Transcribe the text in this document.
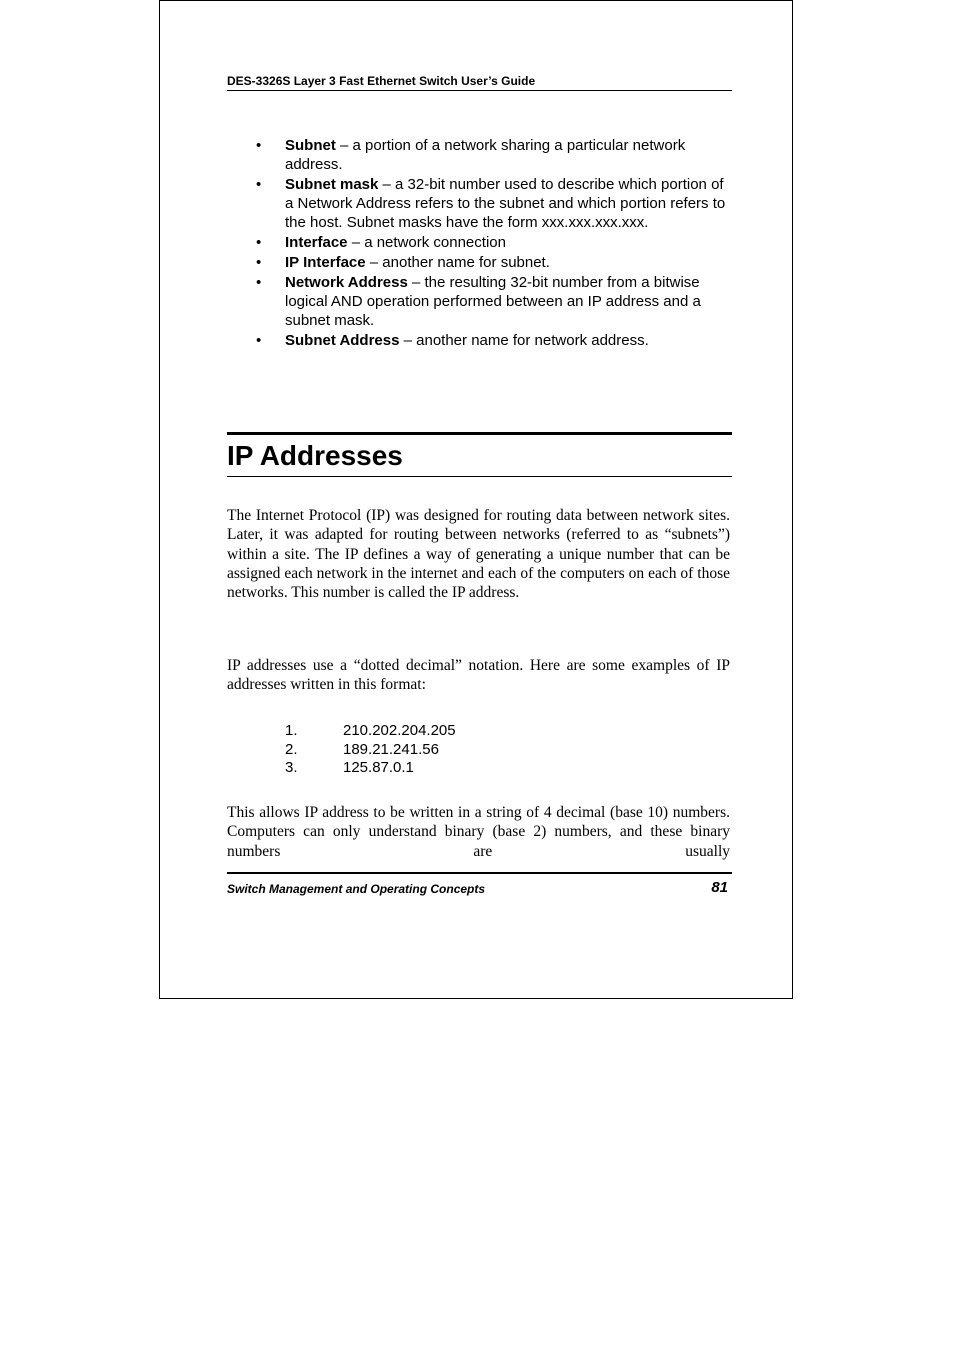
DES-3326S Layer 3 Fast Ethernet Switch User’s Guide
• Subnet – a portion of a network sharing a particular network address.
• Subnet mask – a 32-bit number used to describe which portion of a Network Address refers to the subnet and which portion refers to the host. Subnet masks have the form xxx.xxx.xxx.xxx.
• Interface – a network connection
• IP Interface – another name for subnet.
• Network Address – the resulting 32-bit number from a bitwise logical AND operation performed between an IP address and a subnet mask.
• Subnet Address – another name for network address.
IP Addresses

The Internet Protocol (IP) was designed for routing data between network sites. Later, it was adapted for routing between networks (referred to as “subnets”) within a site. The IP defines a way of generating a unique number that can be assigned each network in the internet and each of the computers on each of those networks. This number is called the IP address.

IP addresses use a “dotted decimal” notation. Here are some examples of IP addresses written in this format:

1.	210.202.204.205
2.	189.21.241.56
3.	125.87.0.1

This allows IP address to be written in a string of 4 decimal (base 10) numbers. Computers can only understand binary (base 2) numbers, and these binary numbers are usually

Switch Management and Operating Concepts	81
